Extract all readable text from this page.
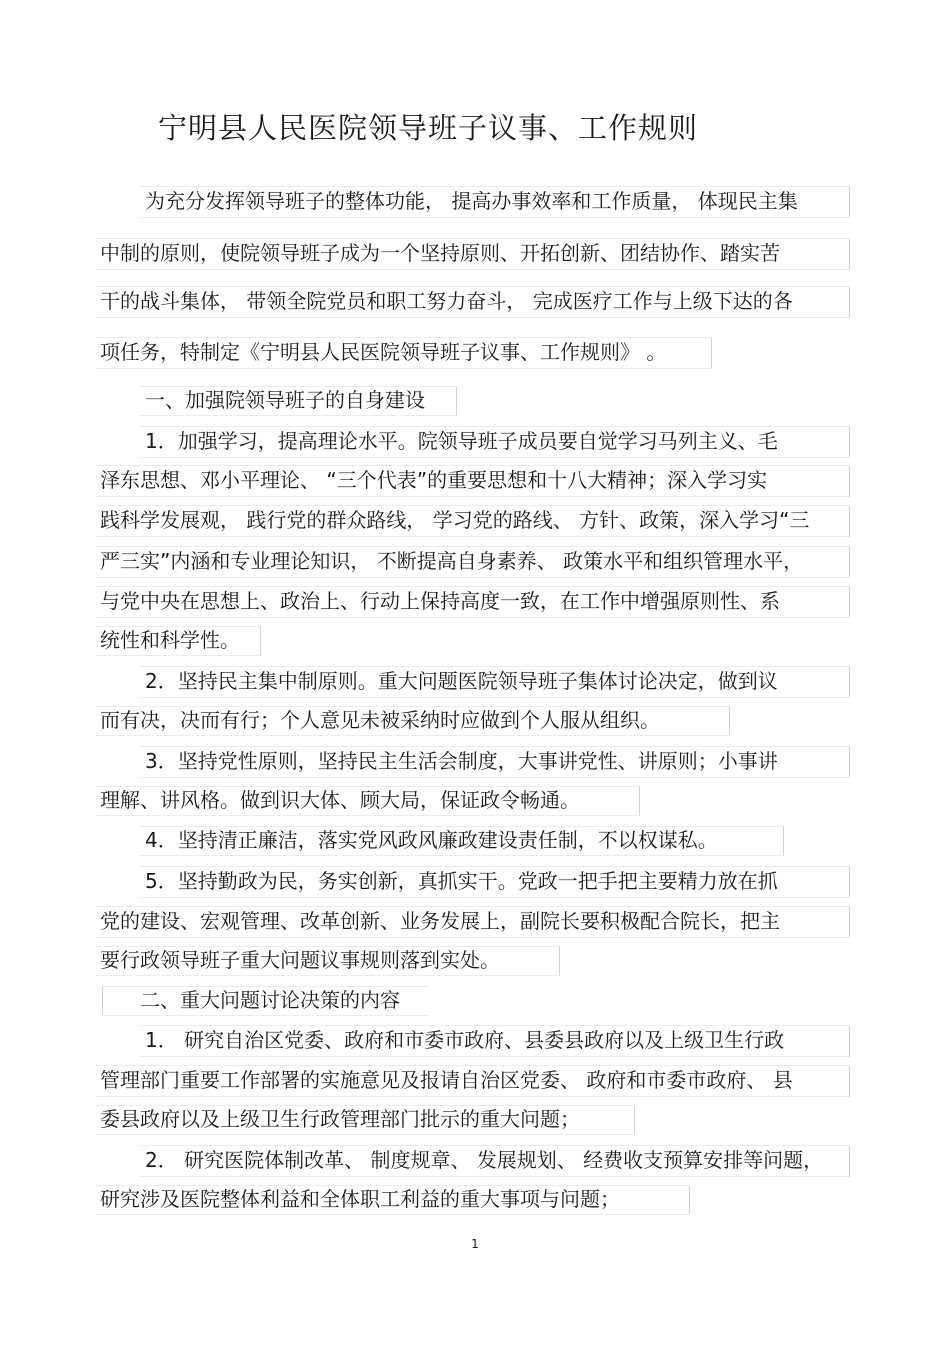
宁明县人民医院领导班子议事、工作规则
为充分发挥领导班子的整体功能， 提高办事效率和工作质量， 体现民主集
中制的原则，使院领导班子成为一个坚持原则、开拓创新、团结协作、踏实苦
干的战斗集体， 带领全院党员和职工努力奋斗， 完成医疗工作与上级下达的各
项任务，特制定《宁明县人民医院领导班子议事、工作规则》 。
一、加强院领导班子的自身建设
1．加强学习，提高理论水平。院领导班子成员要自觉学习马列主义、毛
泽东思想、邓小平理论、 “三个代表”的重要思想和十八大精神；深入学习实
践科学发展观， 践行党的群众路线， 学习党的路线、 方针、政策，深入学习“三
严三实”内涵和专业理论知识， 不断提高自身素养、 政策水平和组织管理水平，
与党中央在思想上、政治上、行动上保持高度一致，在工作中增强原则性、系
统性和科学性。
2．坚持民主集中制原则。重大问题医院领导班子集体讨论决定，做到议
而有决，决而有行；个人意见未被采纳时应做到个人服从组织。
3．坚持党性原则，坚持民主生活会制度，大事讲党性、讲原则；小事讲
理解、讲风格。做到识大体、顾大局，保证政令畅通。
4．坚持清正廉洁，落实党风政风廉政建设责任制，不以权谋私。
5．坚持勤政为民，务实创新，真抓实干。党政一把手把主要精力放在抓
党的建设、宏观管理、改革创新、业务发展上，副院长要积极配合院长，把主
要行政领导班子重大问题议事规则落到实处。
二、重大问题讨论决策的内容
1． 研究自治区党委、政府和市委市政府、县委县政府以及上级卫生行政
管理部门重要工作部署的实施意见及报请自治区党委、 政府和市委市政府、 县
委县政府以及上级卫生行政管理部门批示的重大问题；
2． 研究医院体制改革、 制度规章、 发展规划、 经费收支预算安排等问题，
研究涉及医院整体利益和全体职工利益的重大事项与问题；
1
